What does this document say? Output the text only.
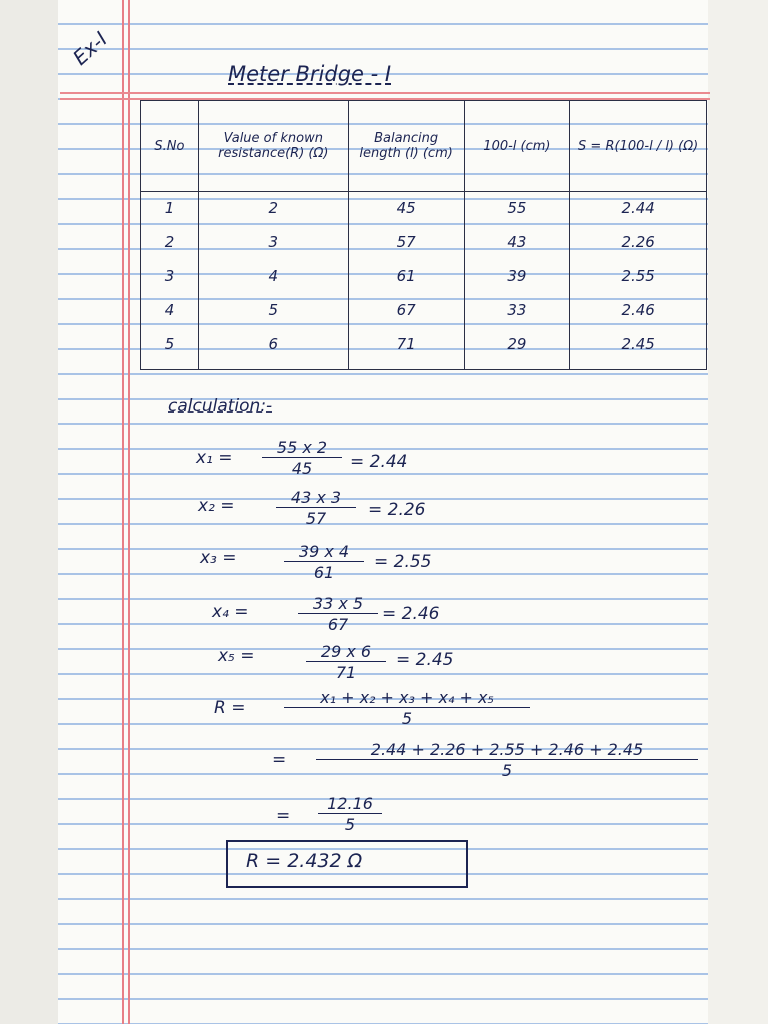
Ex-I
Meter Bridge - I
S.No	Value of known resistance(R) (Ω)	Balancing length (l) (cm)	100-l (cm)	S = R(100-l / l) (Ω)
1	2	45	55	2.44
2	3	57	43	2.26
3	4	61	39	2.55
4	5	67	33	2.46
5	6	71	29	2.45

calculation:-
$x_1 = \frac{55 x 2}{45} = 2.44$
x₂ =	$\frac{43 x 3}{57} = 2.26$
x₃ =	$\frac{39 x 4}{61} = 2.55$
x₄ =	$\frac{33 x 5}{67} = 2.46$
x₅ =	$\frac{29 x 6}{71} = 2.45$
$R = \frac{\text{x₁ + x₂ + x₃ + x₄ + x₅}}{5}$
= $\frac{2.44 + 2.26 + 2.55 + 2.46 + 2.45}{5}$
= $\frac{12.16}{5}$
R = 2.432 Ω
